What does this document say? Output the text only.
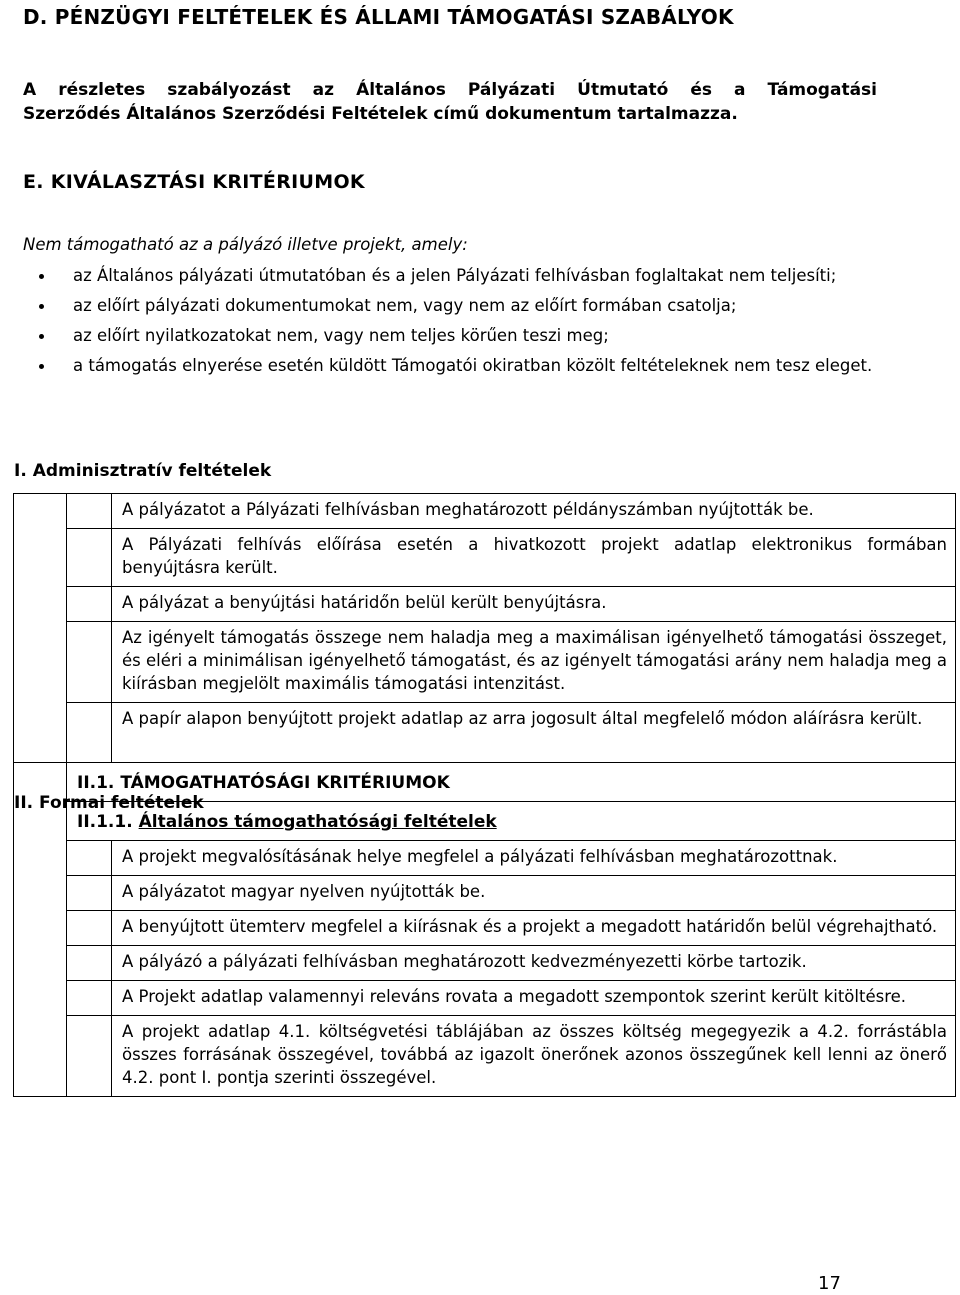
D. PÉNZÜGYI FELTÉTELEK ÉS ÁLLAMI TÁMOGATÁSI SZABÁLYOK
A részletes szabályozást az Általános Pályázati Útmutató és a Támogatási
Szerződés Általános Szerződési Feltételek című dokumentum tartalmazza.
E. KIVÁLASZTÁSI KRITÉRIUMOK
Nem támogatható az a pályázó illetve projekt, amely:
az Általános pályázati útmutatóban és a jelen Pályázati felhívásban foglaltakat nem teljesíti;
az előírt pályázati dokumentumokat nem, vagy nem az előírt formában csatolja;
az előírt nyilatkozatokat nem, vagy nem teljes körűen teszi meg;
a támogatás elnyerése esetén küldött Támogatói okiratban közölt feltételeknek nem tesz eleget.
I. Adminisztratív feltételek
		A pályázatot a Pályázati felhívásban meghatározott példányszámban nyújtották be.
		A Pályázati felhívás előírása esetén a hivatkozott projekt adatlap elektronikus formában benyújtásra került.
		A pályázat a benyújtási határidőn belül került benyújtásra.
		Az igényelt támogatás összege nem haladja meg a maximálisan igényelhető támogatási összeget, és eléri a minimálisan igényelhető támogatást, és az igényelt támogatási arány nem haladja meg a kiírásban megjelölt maximális támogatási intenzitást.
		A papír alapon benyújtott projekt adatlap az arra jogosult által megfelelő módon aláírásra került.
	II.1. TÁMOGATHATÓSÁGI KRITÉRIUMOK	
	II.1.1. Általános támogathatósági feltételek	
		A projekt megvalósításának helye megfelel a pályázati felhívásban meghatározottnak.
		A pályázatot magyar nyelven nyújtották be.
		A benyújtott ütemterv megfelel a kiírásnak és a projekt a megadott határidőn belül végrehajtható.
		A pályázó a pályázati felhívásban meghatározott kedvezményezetti körbe tartozik.
		A Projekt adatlap valamennyi releváns rovata a megadott szempontok szerint került kitöltésre.
		A projekt adatlap 4.1. költségvetési táblájában az összes költség megegyezik a 4.2. forrástábla összes forrásának összegével, továbbá az igazolt önerőnek azonos összegűnek kell lenni az önerő 4.2. pont I. pontja szerinti összegével.
II. Formai feltételek
17
